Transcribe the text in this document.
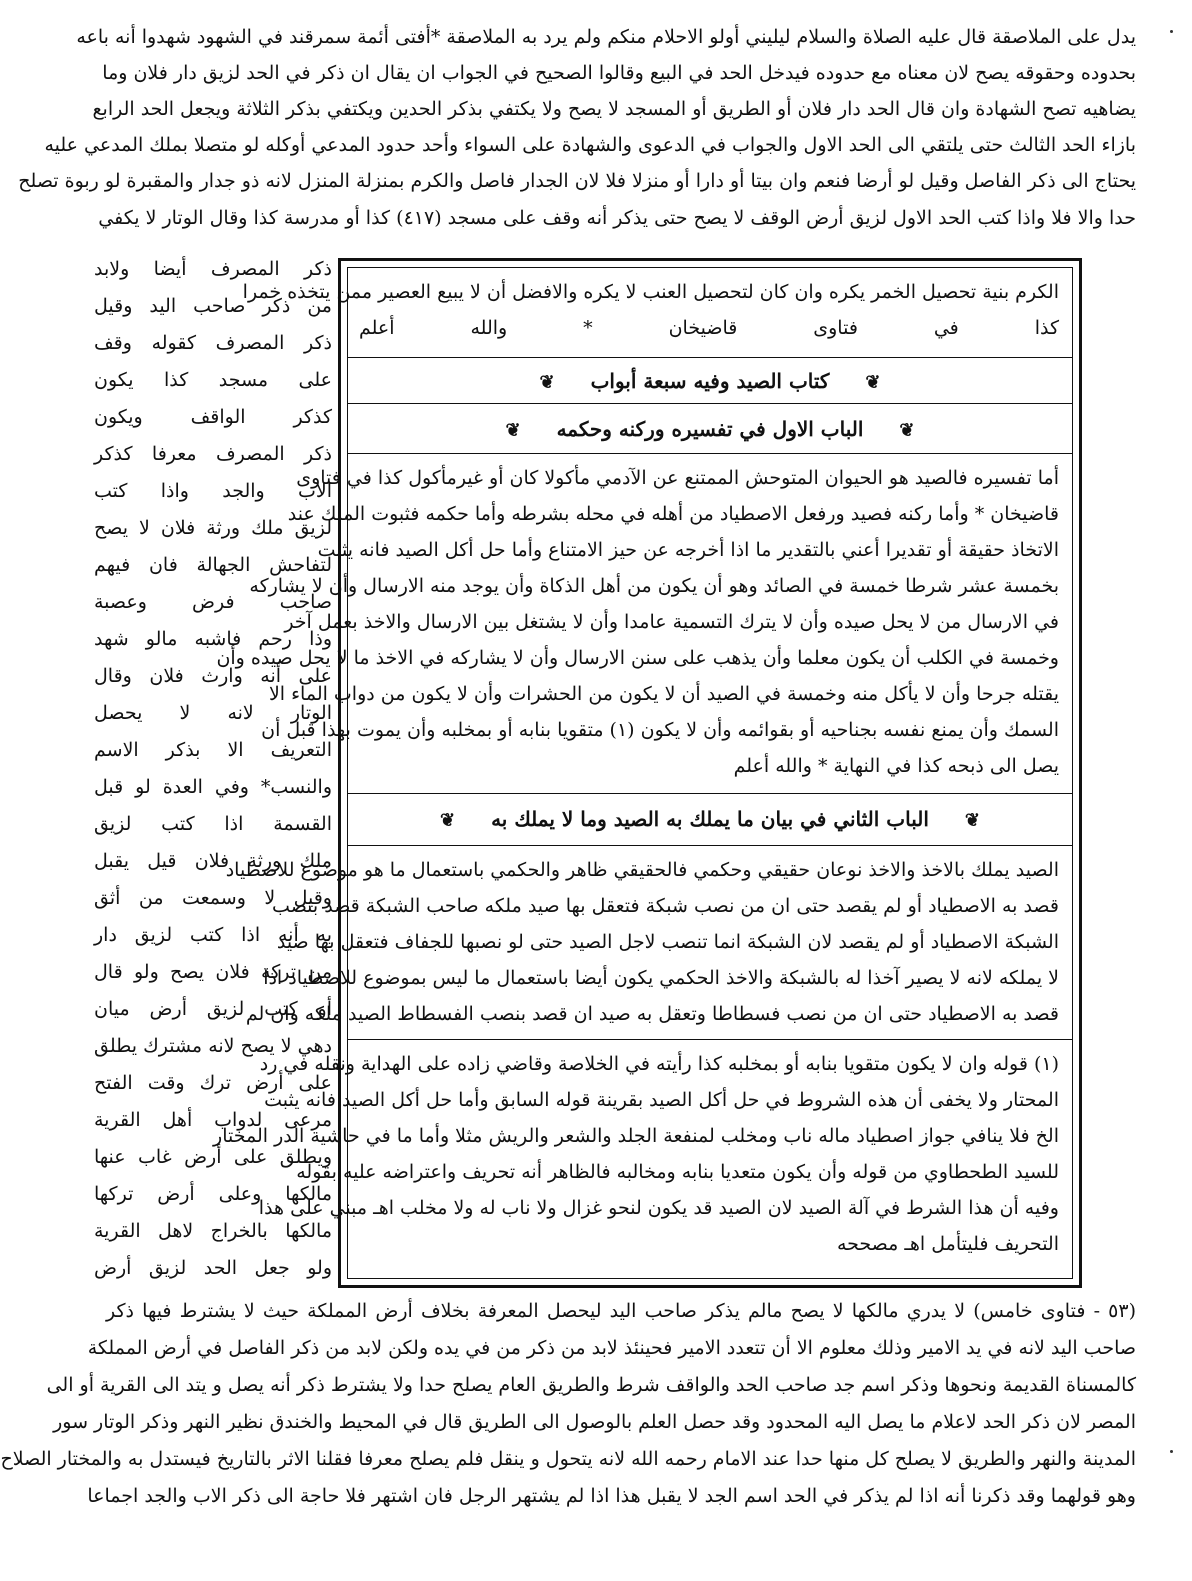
يدل على الملاصقة قال عليه الصلاة والسلام ليليني أولو الاحلام منكم ولم يرد به الملاصقة *أفتى أئمة سمرقند في الشهود شهدوا أنه باعه
بحدوده وحقوقه يصح لان معناه مع حدوده فيدخل الحد في البيع وقالوا الصحيح في الجواب ان يقال ان ذكر في الحد لزيق دار فلان وما
يضاهيه تصح الشهادة وان قال الحد دار فلان أو الطريق أو المسجد لا يصح ولا يكتفي بذكر الحدين ويكتفي بذكر الثلاثة ويجعل الحد الرابع
بازاء الحد الثالث حتى يلتقي الى الحد الاول والجواب في الدعوى والشهادة على السواء وأحد حدود المدعي أوكله لو متصلا بملك المدعي عليه
يحتاج الى ذكر الفاصل وقيل لو أرضا فنعم وان بيتا أو دارا أو منزلا فلا لان الجدار فاصل والكرم بمنزلة المنزل لانه ذو جدار والمقبرة لو ربوة تصلح
حدا والا فلا واذا كتب الحد الاول لزيق أرض الوقف لا يصح حتى يذكر أنه وقف على مسجد (٤١٧) كذا أو مدرسة كذا وقال الوتار لا يكفي
ذكر المصرف أيضا ولابد
من ذكر صاحب اليد وقيل
ذكر المصرف كقوله وقف
على مسجد كذا يكون
كذكر الواقف ويكون
ذكر المصرف معرفا كذكر
الاب والجد واذا كتب
لزيق ملك ورثة فلان لا يصح
لتفاحش الجهالة فان فيهم
صاحب فرض وعصبة
وذا رحم فاشبه مالو شهد
على أنه وارث فلان وقال
الوتار لانه لا يحصل
التعريف الا بذكر الاسم
والنسب* وفي العدة لو قبل
القسمة اذا كتب لزيق
ملك ورثة فلان قيل يقبل
وقيل لا وسمعت من أثق
به أنه اذا كتب لزيق دار
من تركة فلان يصح ولو قال
أو كتب لزيق أرض ميان
دهي لا يصح لانه مشترك يطلق
على أرض ترك وقت الفتح
مرعى لدواب أهل القرية
ويطلق على أرض غاب عنها
مالكها وعلى أرض تركها
مالكها بالخراج لاهل القرية
ولو جعل الحد لزيق أرض
الكرم بنية تحصيل الخمر يكره وان كان لتحصيل العنب لا يكره والافضل أن لا يبيع العصير ممن يتخذه خمرا
كذا في فتاوى قاضيخان * والله أعلم
❦كتاب الصيد وفيه سبعة أبواب❦
❦الباب الاول في تفسيره وركنه وحكمه❦
أما تفسيره فالصيد هو الحيوان المتوحش الممتنع عن الآدمي مأكولا كان أو غيرمأكول كذا في فتاوى
قاضيخان * وأما ركنه فصيد ورفعل الاصطياد من أهله في محله بشرطه وأما حكمه فثبوت الملك عند
الاتخاذ حقيقة أو تقديرا أعني بالتقدير ما اذا أخرجه عن حيز الامتناع وأما حل أكل الصيد فانه يثبت
بخمسة عشر شرطا خمسة في الصائد وهو أن يكون من أهل الذكاة وأن يوجد منه الارسال وأن لا يشاركه
في الارسال من لا يحل صيده وأن لا يترك التسمية عامدا وأن لا يشتغل بين الارسال والاخذ بعمل آخر
وخمسة في الكلب أن يكون معلما وأن يذهب على سنن الارسال وأن لا يشاركه في الاخذ ما لا يحل صيده وأن
يقتله جرحا وأن لا يأكل منه وخمسة في الصيد أن لا يكون من الحشرات وأن لا يكون من دواب الماء الا
السمك وأن يمنع نفسه بجناحيه أو بقوائمه وأن لا يكون (١) متقويا بنابه أو بمخلبه وأن يموت بهذا قبل أن
يصل الى ذبحه كذا في النهاية * والله أعلم
❦الباب الثاني في بيان ما يملك به الصيد وما لا يملك به❦
الصيد يملك بالاخذ والاخذ نوعان حقيقي وحكمي فالحقيقي ظاهر والحكمي باستعمال ما هو موضوع للاصطياد
قصد به الاصطياد أو لم يقصد حتى ان من نصب شبكة فتعقل بها صيد ملكه صاحب الشبكة قصد بنصب
الشبكة الاصطياد أو لم يقصد لان الشبكة انما تنصب لاجل الصيد حتى لو نصبها للجفاف فتعقل بها صيد
لا يملكه لانه لا يصير آخذا له بالشبكة والاخذ الحكمي يكون أيضا باستعمال ما ليس بموضوع للاصطياد اذا
قصد به الاصطياد حتى ان من نصب فسطاطا وتعقل به صيد ان قصد بنصب الفسطاط الصيد ملكه وان لم
(١) قوله وان لا يكون متقويا بنابه أو بمخلبه كذا رأيته في الخلاصة وقاضي زاده على الهداية ونقله في رد
المحتار ولا يخفى أن هذه الشروط في حل أكل الصيد بقرينة قوله السابق وأما حل أكل الصيد فانه يثبت
الخ فلا ينافي جواز اصطياد ماله ناب ومخلب لمنفعة الجلد والشعر والريش مثلا وأما ما في حاشية الدر المختار
للسيد الطحطاوي من قوله وأن يكون متعديا بنابه ومخالبه فالظاهر أنه تحريف واعتراضه عليه بقوله
وفيه أن هذا الشرط في آلة الصيد لان الصيد قد يكون لنحو غزال ولا ناب له ولا مخلب اهـ مبني على هذا
التحريف فليتأمل اهـ مصححه
(٥٣ - فتاوى خامس) لا يدري مالكها لا يصح مالم يذكر صاحب اليد ليحصل المعرفة بخلاف أرض المملكة حيث لا يشترط فيها ذكر
صاحب اليد لانه في يد الامير وذلك معلوم الا أن تتعدد الامير فحينئذ لابد من ذكر من في يده ولكن لابد من ذكر الفاصل في أرض المملكة
كالمسناة القديمة ونحوها وذكر اسم جد صاحب الحد والواقف شرط والطريق العام يصلح حدا ولا يشترط ذكر أنه يصل و يتد الى القرية أو الى
المصر لان ذكر الحد لاعلام ما يصل اليه المحدود وقد حصل العلم بالوصول الى الطريق قال في المحيط والخندق نظير النهر وذكر الوتار سور
المدينة والنهر والطريق لا يصلح كل منها حدا عند الامام رحمه الله لانه يتحول و ينقل فلم يصلح معرفا فقلنا الاثر بالتاريخ فيستدل به والمختار الصلاح
وهو قولهما وقد ذكرنا أنه اذا لم يذكر في الحد اسم الجد لا يقبل هذا اذا لم يشتهر الرجل فان اشتهر فلا حاجة الى ذكر الاب والجد اجماعا
